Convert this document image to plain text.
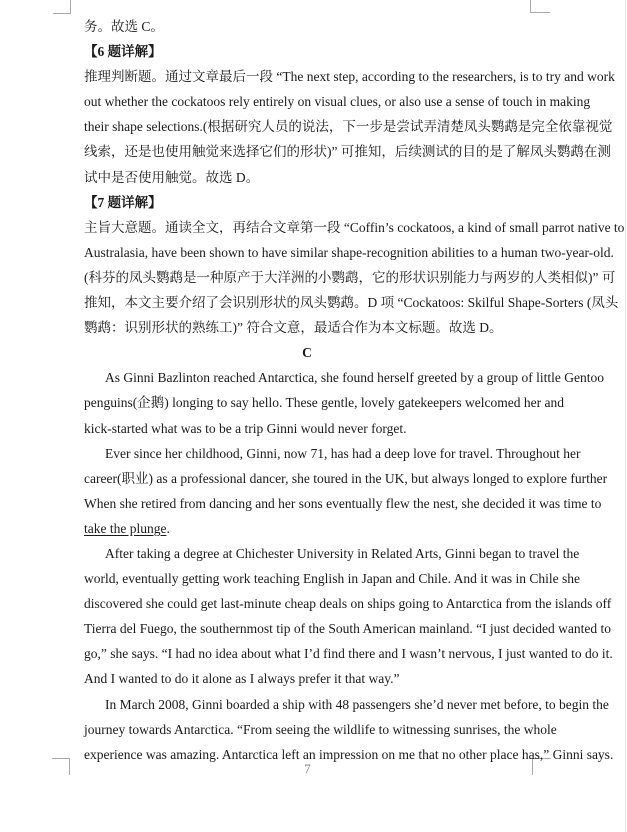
务。故选 C。
【6 题详解】
推理判断题。通过文章最后一段 “The next step, according to the researchers, is to try and work
out whether the cockatoos rely entirely on visual clues, or also use a sense of touch in making
their shape selections.(根据研究人员的说法，下一步是尝试弄清楚凤头鹦鹉是完全依靠视觉
线索，还是也使用触觉来选择它们的形状)” 可推知，后续测试的目的是了解凤头鹦鹉在测
试中是否使用触觉。故选 D。
【7 题详解】
主旨大意题。通读全文，再结合文章第一段 “Coffin’s cockatoos, a kind of small parrot native to
Australasia, have been shown to have similar shape-recognition abilities to a human two-year-old.
(科芬的凤头鹦鹉是一种原产于大洋洲的小鹦鹉，它的形状识别能力与两岁的人类相似)” 可
推知，本文主要介绍了会识别形状的凤头鹦鹉。D 项 “Cockatoos: Skilful Shape-Sorters (凤头
鹦鹉：识别形状的熟练工)” 符合文意，最适合作为本文标题。故选 D。
C
As Ginni Bazlinton reached Antarctica, she found herself greeted by a group of little Gentoo
penguins(企鹅) longing to say hello. These gentle, lovely gatekeepers welcomed her and
kick-started what was to be a trip Ginni would never forget.
Ever since her childhood, Ginni, now 71, has had a deep love for travel. Throughout her
career(职业) as a professional dancer, she toured in the UK, but always longed to explore further
When she retired from dancing and her sons eventually flew the nest, she decided it was time to
take the plunge.
After taking a degree at Chichester University in Related Arts, Ginni began to travel the
world, eventually getting work teaching English in Japan and Chile. And it was in Chile she
discovered she could get last-minute cheap deals on ships going to Antarctica from the islands off
Tierra del Fuego, the southernmost tip of the South American mainland. “I just decided wanted to
go,” she says. “I had no idea about what I’d find there and I wasn’t nervous, I just wanted to do it.
And I wanted to do it alone as I always prefer it that way.”
In March 2008, Ginni boarded a ship with 48 passengers she’d never met before, to begin the
journey towards Antarctica. “From seeing the wildlife to witnessing sunrises, the whole
experience was amazing. Antarctica left an impression on me that no other place has,” Ginni says.
7
